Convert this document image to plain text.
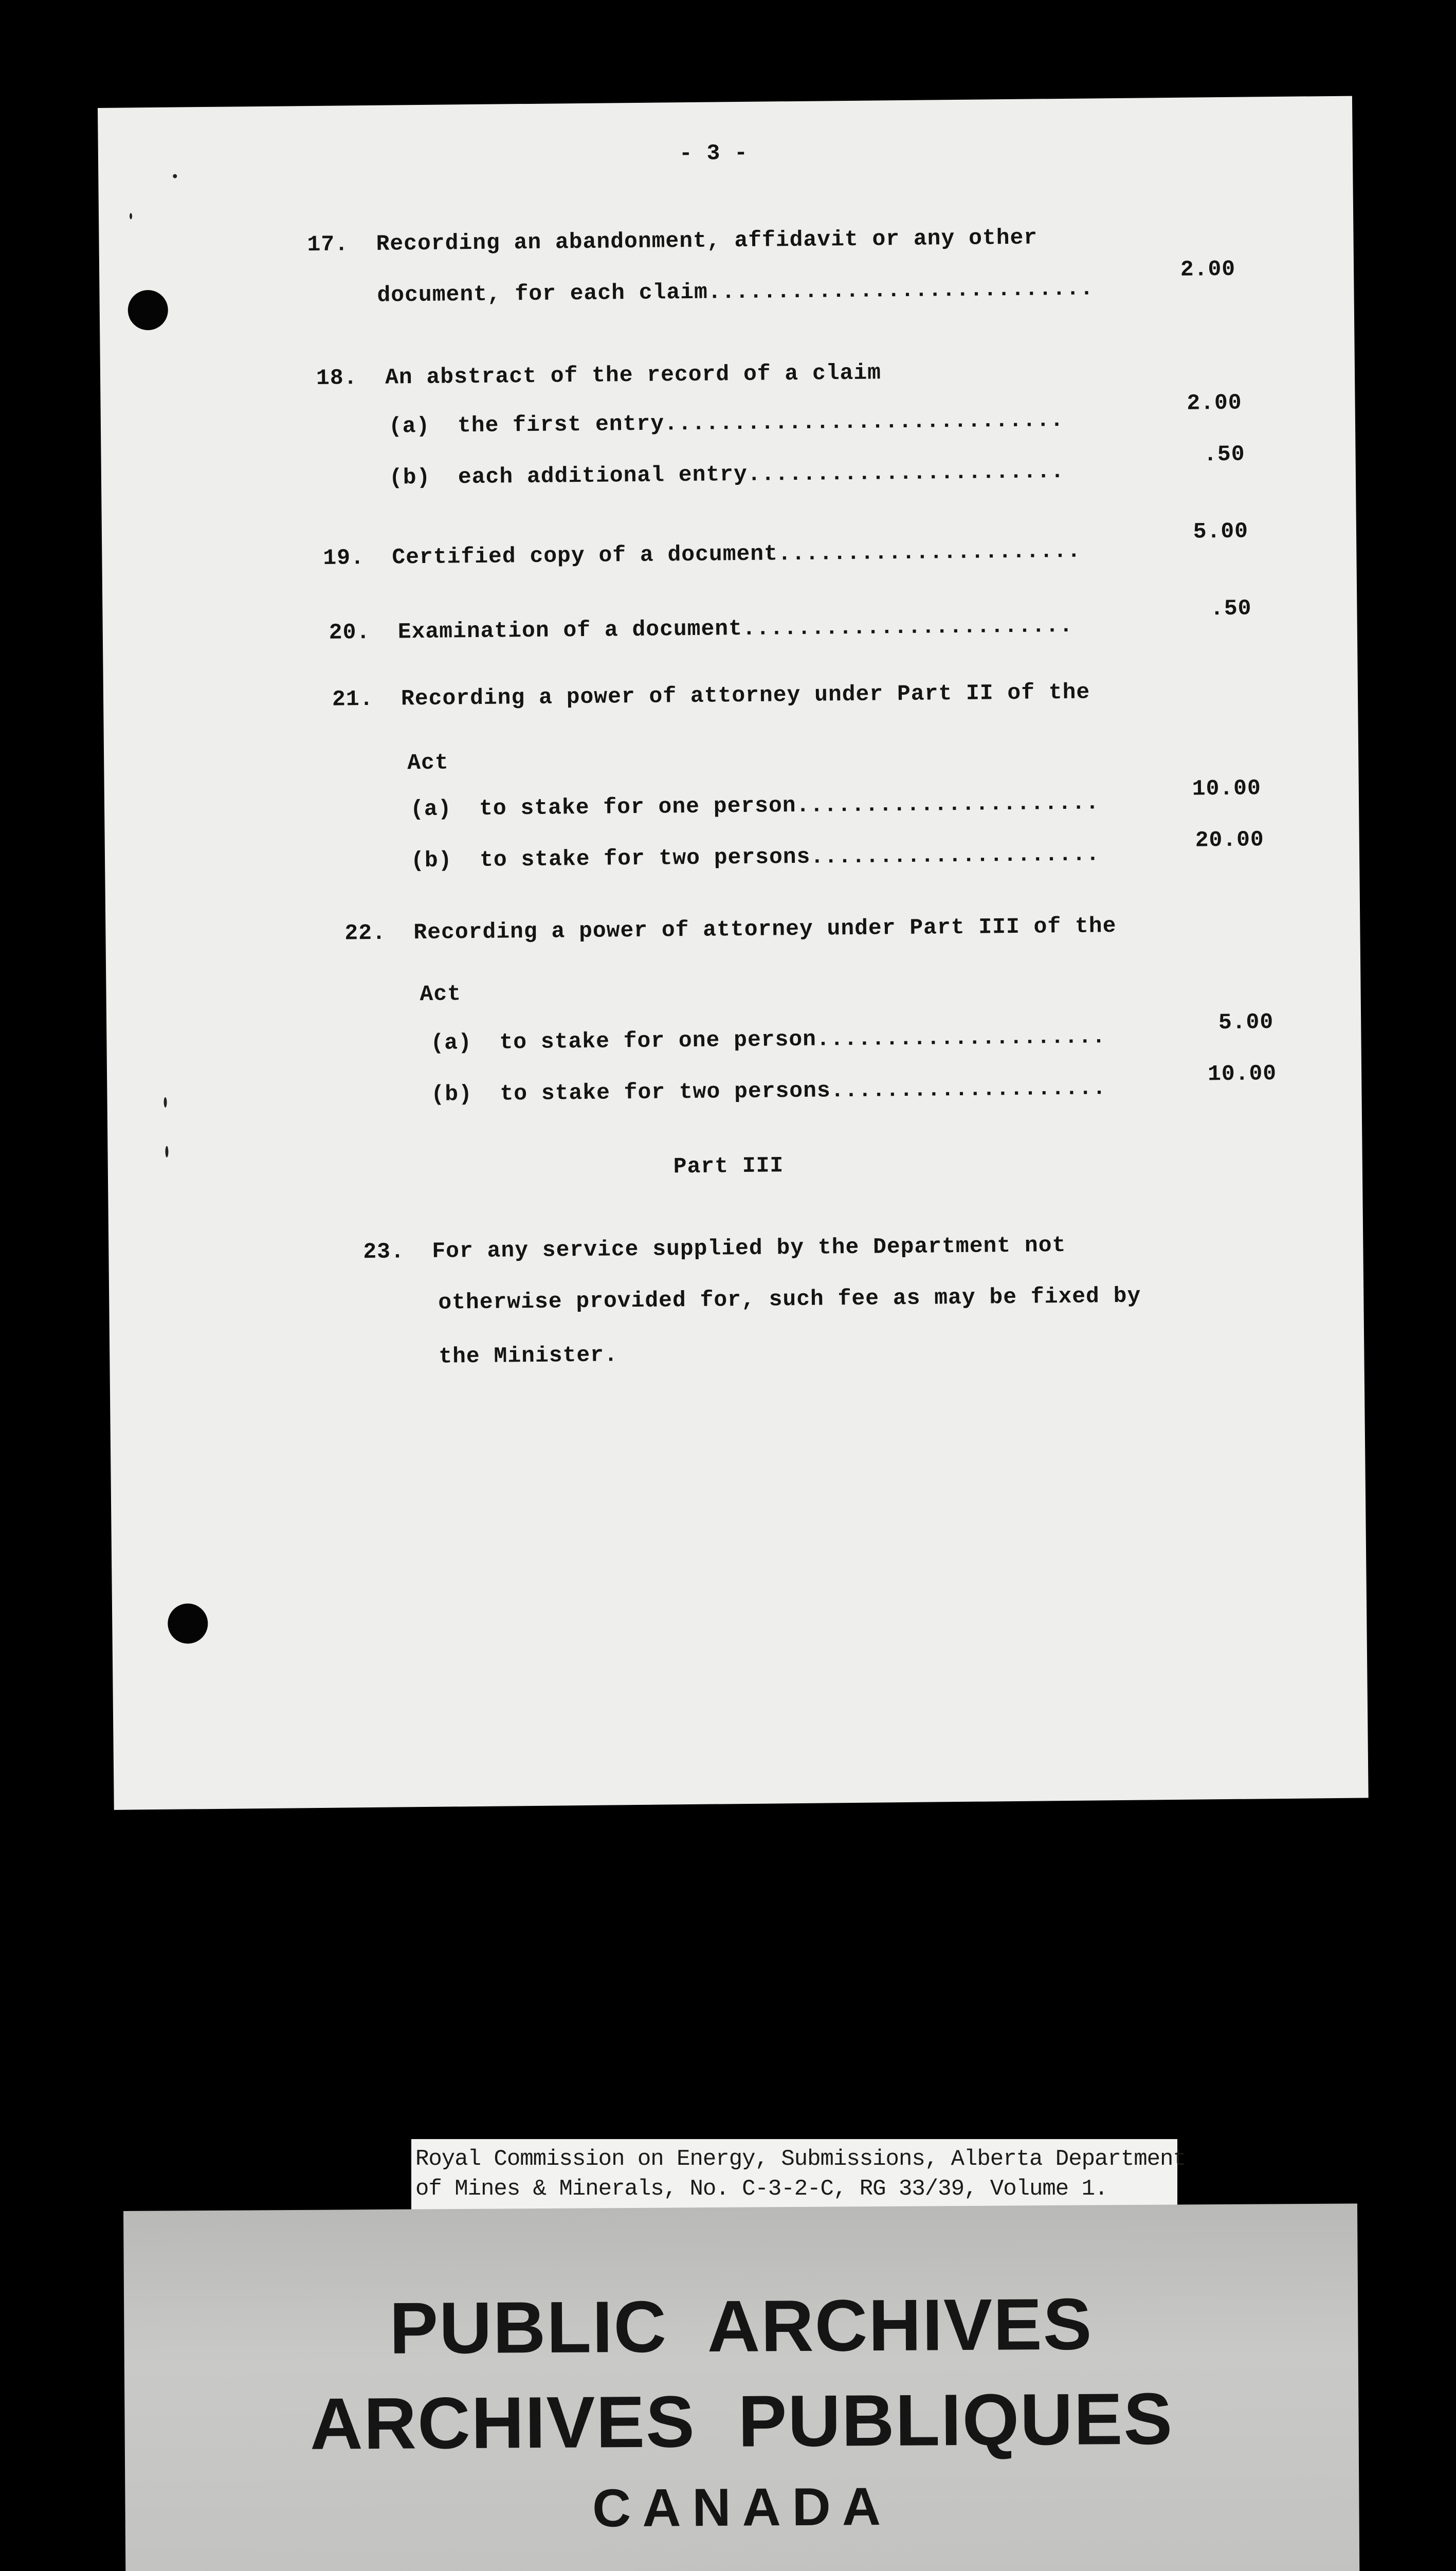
- 3 -
17.  Recording an abandonment, affidavit or any other
document, for each claim............................
2.00
18.  An abstract of the record of a claim
(a)  the first entry.............................
2.00
(b)  each additional entry.......................
.50
19.  Certified copy of a document......................
5.00
20.  Examination of a document........................
.50
21.  Recording a power of attorney under Part II of the
Act
(a)  to stake for one person......................
10.00
(b)  to stake for two persons.....................
20.00
22.  Recording a power of attorney under Part III of the
Act
(a)  to stake for one person.....................
5.00
(b)  to stake for two persons....................
10.00
Part III
23.  For any service supplied by the Department not
otherwise provided for, such fee as may be fixed by
the Minister.
Royal Commission on Energy, Submissions, Alberta Department
of Mines & Minerals, No. C-3-2-C, RG 33/39, Volume 1.
PUBLIC  ARCHIVES
ARCHIVES  PUBLIQUES
CANADA
